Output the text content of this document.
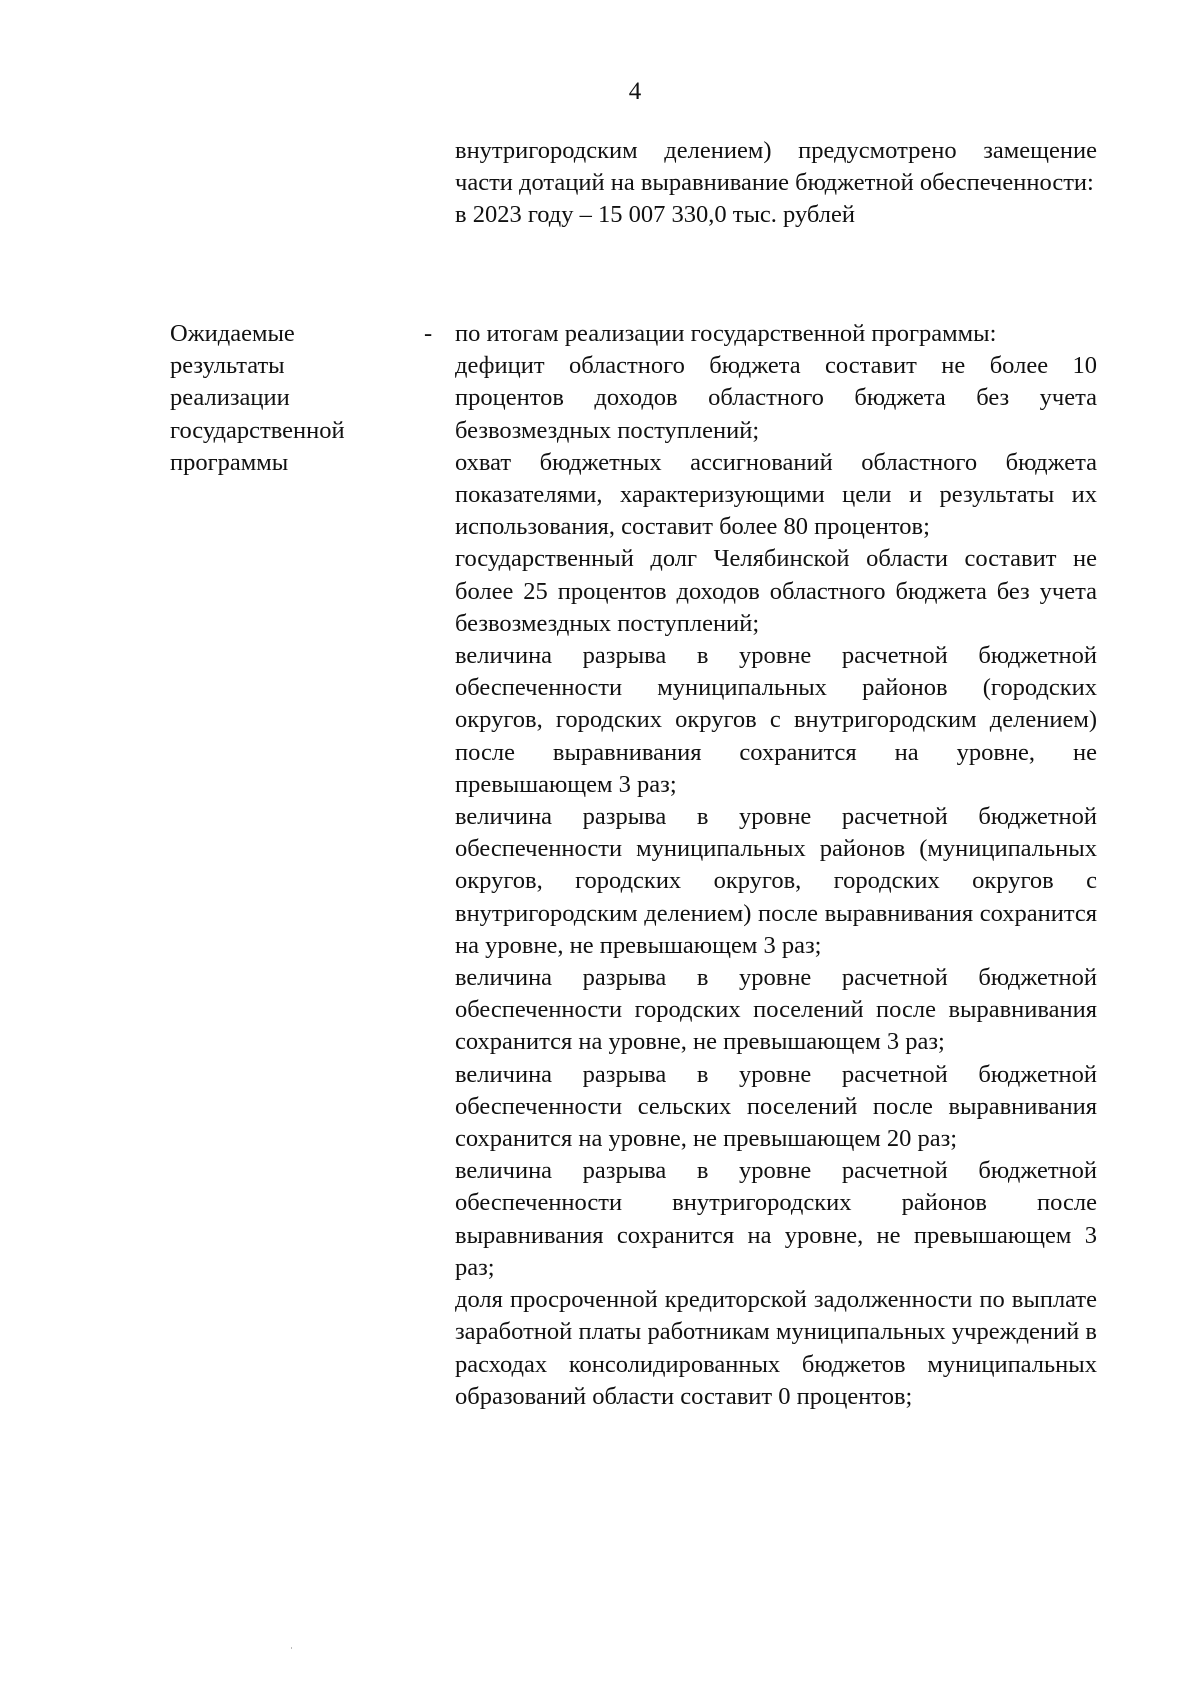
4

внутригородским делением) предусмотрено замещение части дотаций на выравнивание бюджетной обеспеченности:

в 2023 году – 15 007 330,0 тыс. рублей

Ожидаемые
результаты
реализации
государственной
программы
- по итогам реализации государственной программы:

дефицит областного бюджета составит не более 10 процентов доходов областного бюджета без учета безвозмездных поступлений;

охват бюджетных ассигнований областного бюджета показателями, характеризующими цели и результаты их использования, составит более 80 процентов;

государственный долг Челябинской области составит не более 25 процентов доходов областного бюджета без учета безвозмездных поступлений;

величина разрыва в уровне расчетной бюджетной обеспеченности муниципальных районов (городских округов, городских округов с внутригородским делением) после выравнивания сохранится на уровне, не превышающем 3 раз;

величина разрыва в уровне расчетной бюджетной обеспеченности муниципальных районов (муниципальных округов, городских округов, городских округов с внутригородским делением) после выравнивания сохранится на уровне, не превышающем 3 раз;

величина разрыва в уровне расчетной бюджетной обеспеченности городских поселений после выравнивания сохранится на уровне, не превышающем 3 раз;

величина разрыва в уровне расчетной бюджетной обеспеченности сельских поселений после выравнивания сохранится на уровне, не превышающем 20 раз;

величина разрыва в уровне расчетной бюджетной обеспеченности внутригородских районов после выравнивания сохранится на уровне, не превышающем 3 раз;

доля просроченной кредиторской задолженности по выплате заработной платы работникам муниципальных учреждений в расходах консолидированных бюджетов муниципальных образований области составит 0 процентов;
